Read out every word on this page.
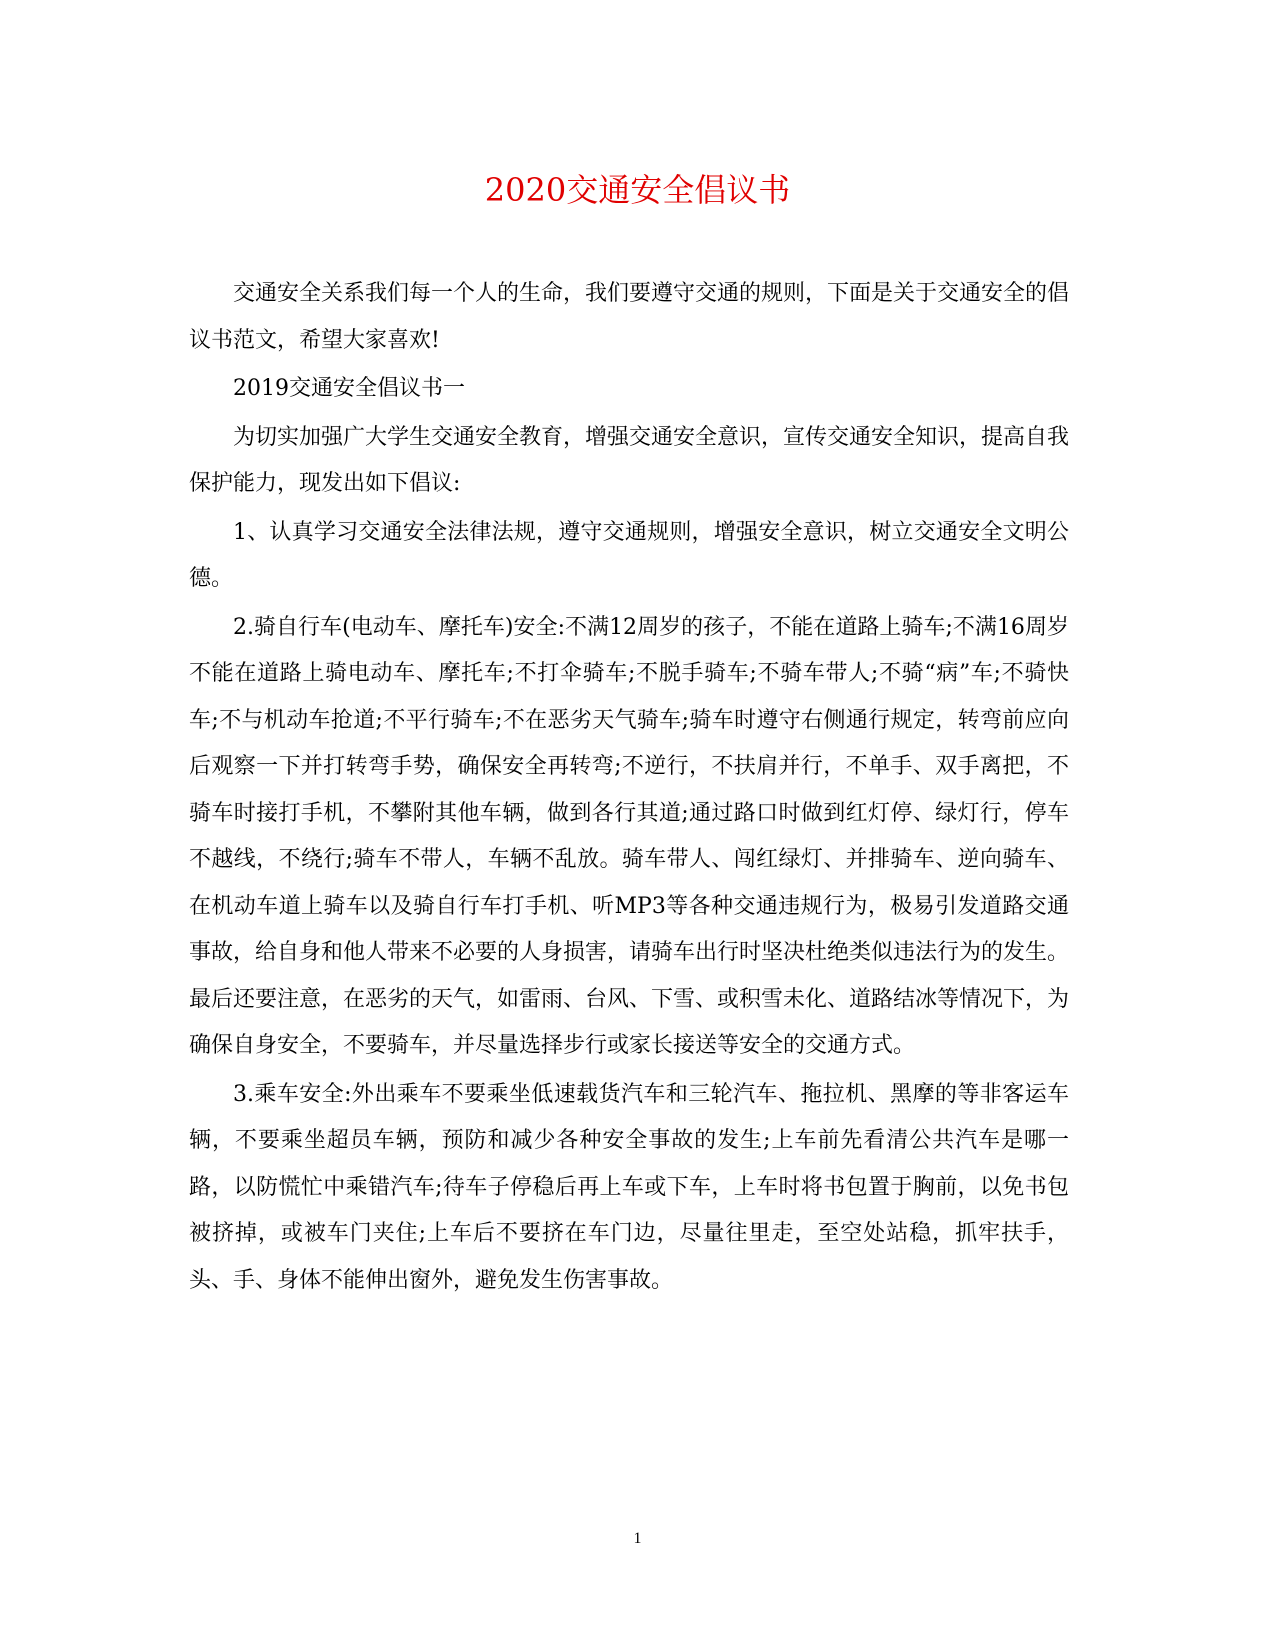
2020交通安全倡议书

交通安全关系我们每一个人的生命，我们要遵守交通的规则，下面是关于交通安全的倡议书范文，希望大家喜欢!

2019交通安全倡议书一

为切实加强广大学生交通安全教育，增强交通安全意识，宣传交通安全知识，提高自我保护能力，现发出如下倡议:

1、认真学习交通安全法律法规，遵守交通规则，增强安全意识，树立交通安全文明公德。

2.骑自行车(电动车、摩托车)安全:不满12周岁的孩子，不能在道路上骑车;不满16周岁不能在道路上骑电动车、摩托车;不打伞骑车;不脱手骑车;不骑车带人;不骑“病”车;不骑快车;不与机动车抢道;不平行骑车;不在恶劣天气骑车;骑车时遵守右侧通行规定，转弯前应向后观察一下并打转弯手势，确保安全再转弯;不逆行，不扶肩并行，不单手、双手离把，不骑车时接打手机，不攀附其他车辆，做到各行其道;通过路口时做到红灯停、绿灯行，停车不越线，不绕行;骑车不带人，车辆不乱放。骑车带人、闯红绿灯、并排骑车、逆向骑车、在机动车道上骑车以及骑自行车打手机、听MP3等各种交通违规行为，极易引发道路交通事故，给自身和他人带来不必要的人身损害，请骑车出行时坚决杜绝类似违法行为的发生。最后还要注意，在恶劣的天气，如雷雨、台风、下雪、或积雪未化、道路结冰等情况下，为确保自身安全，不要骑车，并尽量选择步行或家长接送等安全的交通方式。

3.乘车安全:外出乘车不要乘坐低速载货汽车和三轮汽车、拖拉机、黑摩的等非客运车辆，不要乘坐超员车辆，预防和减少各种安全事故的发生;上车前先看清公共汽车是哪一路，以防慌忙中乘错汽车;待车子停稳后再上车或下车，上车时将书包置于胸前，以免书包被挤掉，或被车门夹住;上车后不要挤在车门边，尽量往里走，至空处站稳，抓牢扶手，头、手、身体不能伸出窗外，避免发生伤害事故。

1
